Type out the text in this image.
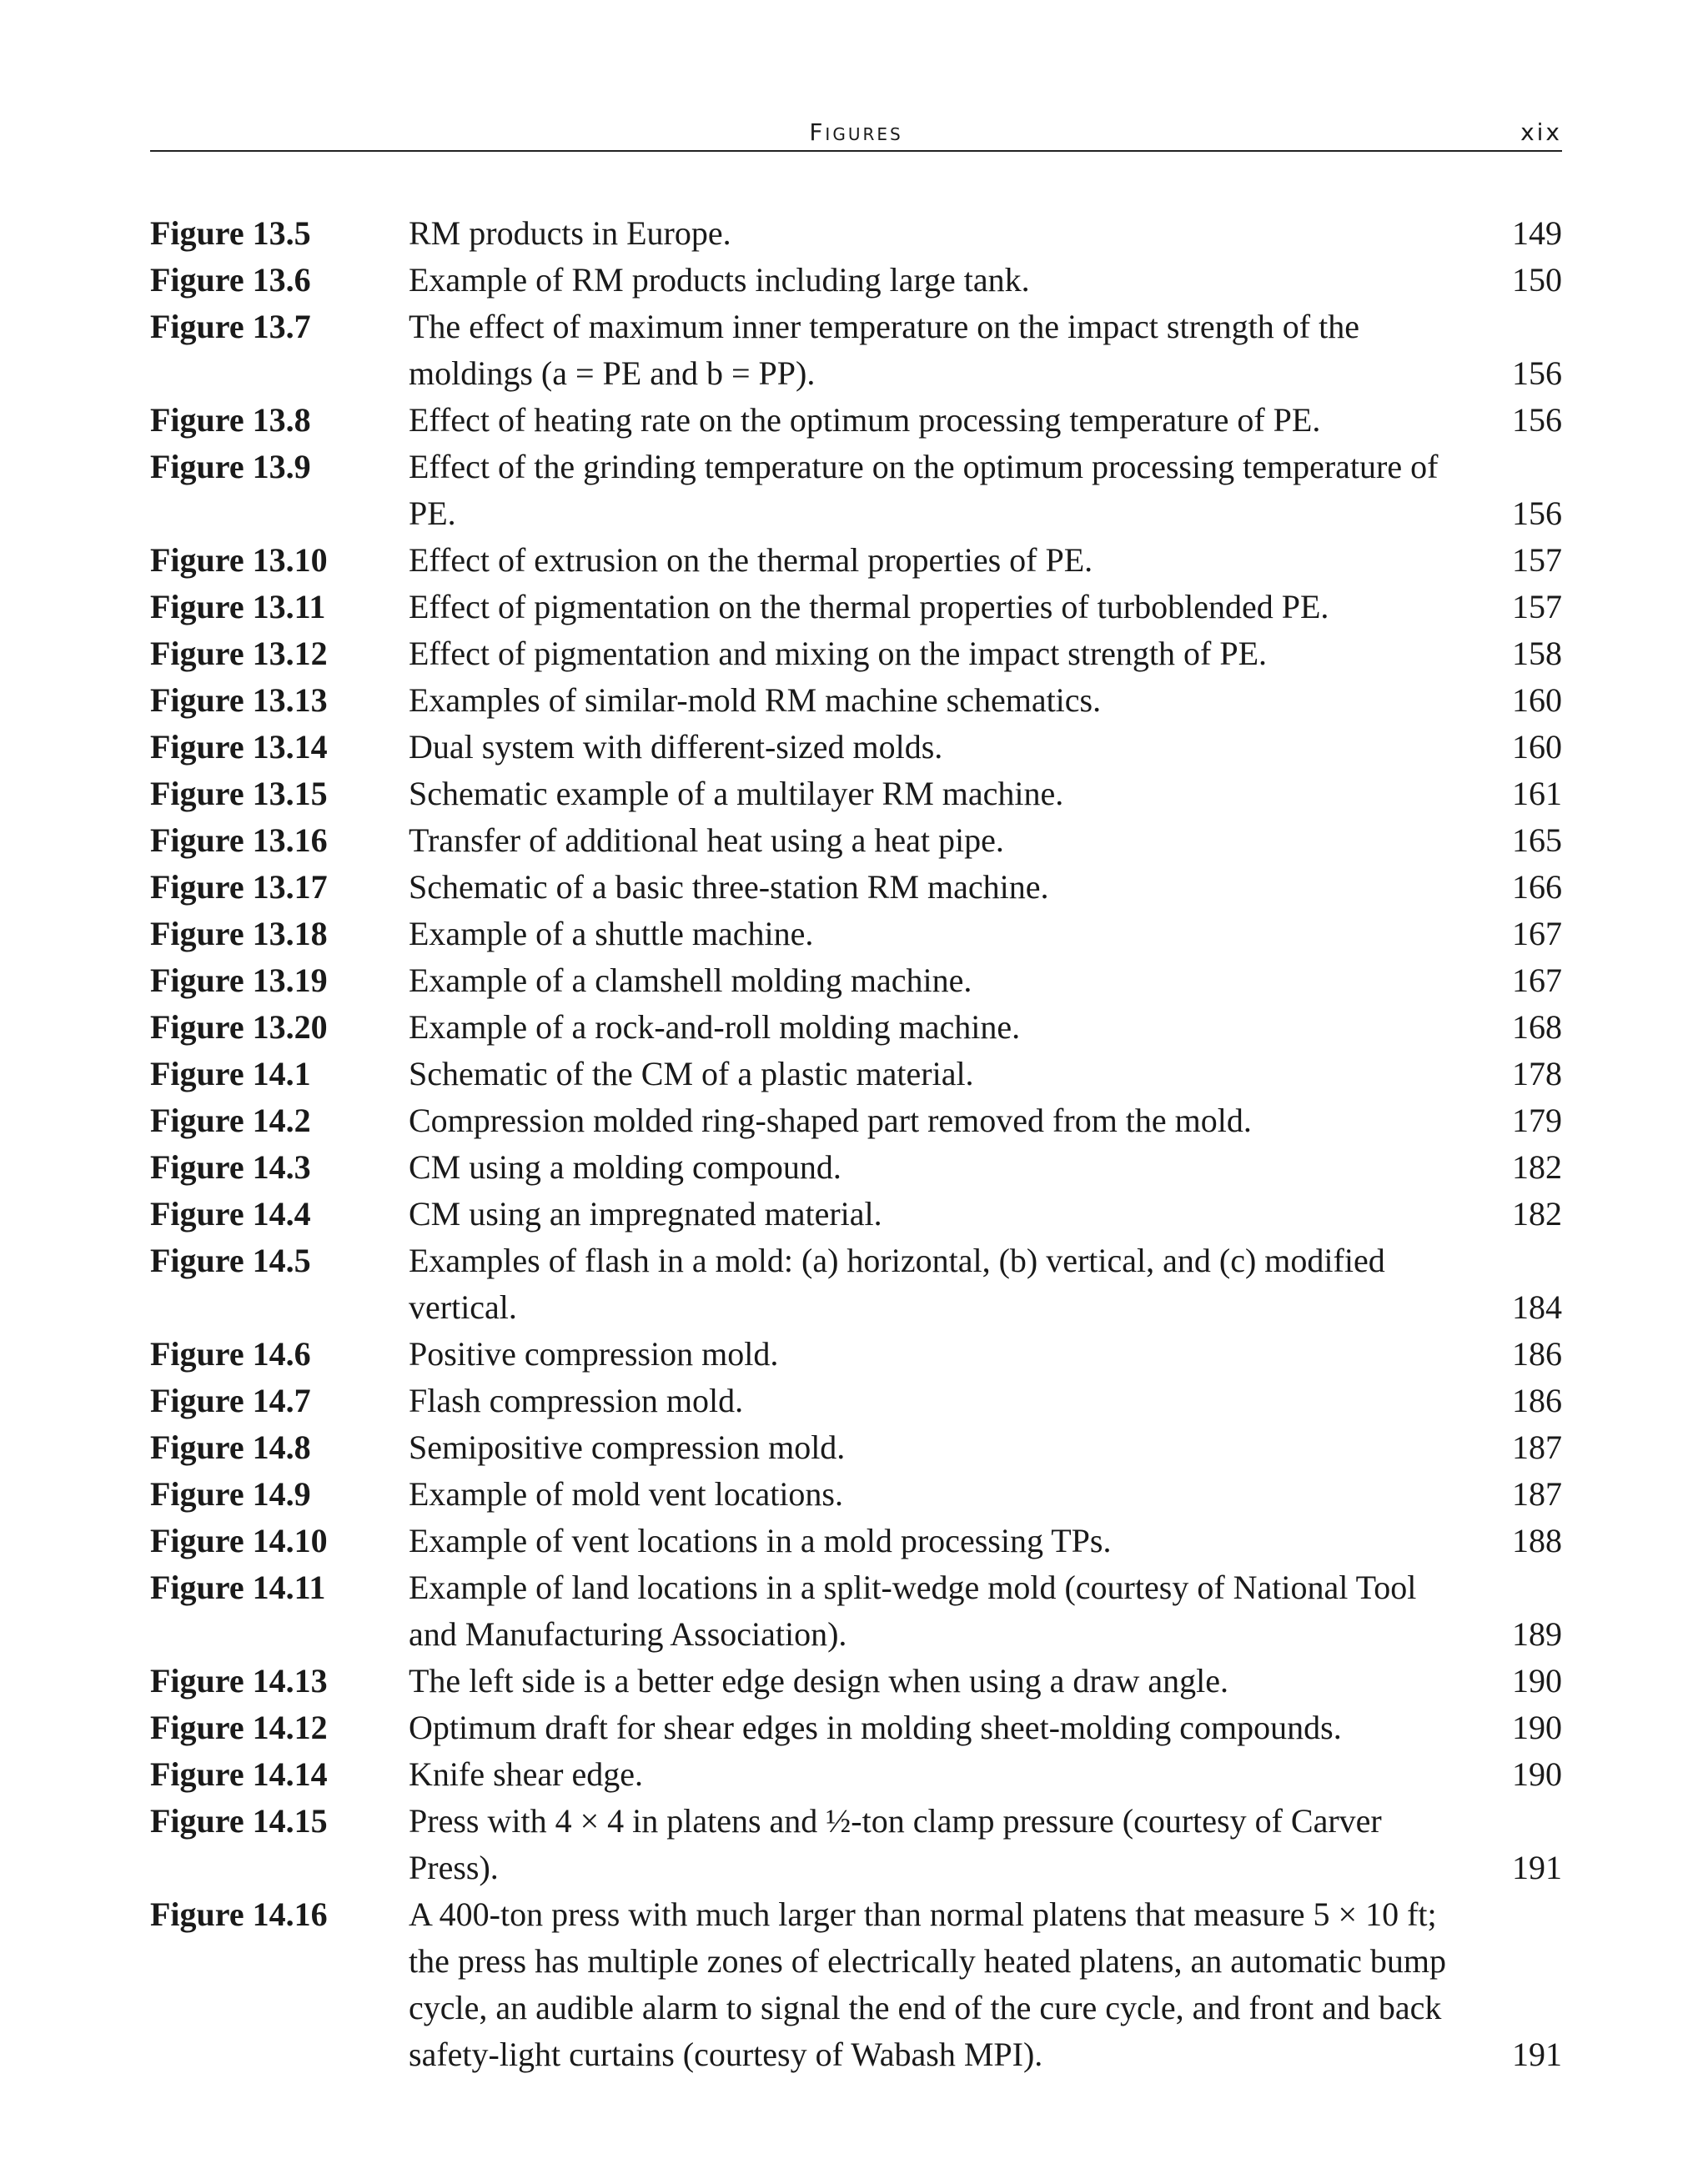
Figures	xix
Figure 13.5	RM products in Europe.	149
Figure 13.6	Example of RM products including large tank.	150
Figure 13.7	The effect of maximum inner temperature on the impact strength of the moldings (a = PE and b = PP).	156
Figure 13.8	Effect of heating rate on the optimum processing temperature of PE.	156
Figure 13.9	Effect of the grinding temperature on the optimum processing temperature of PE.	156
Figure 13.10	Effect of extrusion on the thermal properties of PE.	157
Figure 13.11	Effect of pigmentation on the thermal properties of turboblended PE.	157
Figure 13.12	Effect of pigmentation and mixing on the impact strength of PE.	158
Figure 13.13	Examples of similar-mold RM machine schematics.	160
Figure 13.14	Dual system with different-sized molds.	160
Figure 13.15	Schematic example of a multilayer RM machine.	161
Figure 13.16	Transfer of additional heat using a heat pipe.	165
Figure 13.17	Schematic of a basic three-station RM machine.	166
Figure 13.18	Example of a shuttle machine.	167
Figure 13.19	Example of a clamshell molding machine.	167
Figure 13.20	Example of a rock-and-roll molding machine.	168
Figure 14.1	Schematic of the CM of a plastic material.	178
Figure 14.2	Compression molded ring-shaped part removed from the mold.	179
Figure 14.3	CM using a molding compound.	182
Figure 14.4	CM using an impregnated material.	182
Figure 14.5	Examples of flash in a mold: (a) horizontal, (b) vertical, and (c) modified vertical.	184
Figure 14.6	Positive compression mold.	186
Figure 14.7	Flash compression mold.	186
Figure 14.8	Semipositive compression mold.	187
Figure 14.9	Example of mold vent locations.	187
Figure 14.10	Example of vent locations in a mold processing TPs.	188
Figure 14.11	Example of land locations in a split-wedge mold (courtesy of National Tool and Manufacturing Association).	189
Figure 14.13	The left side is a better edge design when using a draw angle.	190
Figure 14.12	Optimum draft for shear edges in molding sheet-molding compounds.	190
Figure 14.14	Knife shear edge.	190
Figure 14.15	Press with 4 × 4 in platens and ½-ton clamp pressure (courtesy of Carver Press).	191
Figure 14.16	A 400-ton press with much larger than normal platens that measure 5 × 10 ft; the press has multiple zones of electrically heated platens, an automatic bump cycle, an audible alarm to signal the end of the cure cycle, and front and back safety-light curtains (courtesy of Wabash MPI).	191
